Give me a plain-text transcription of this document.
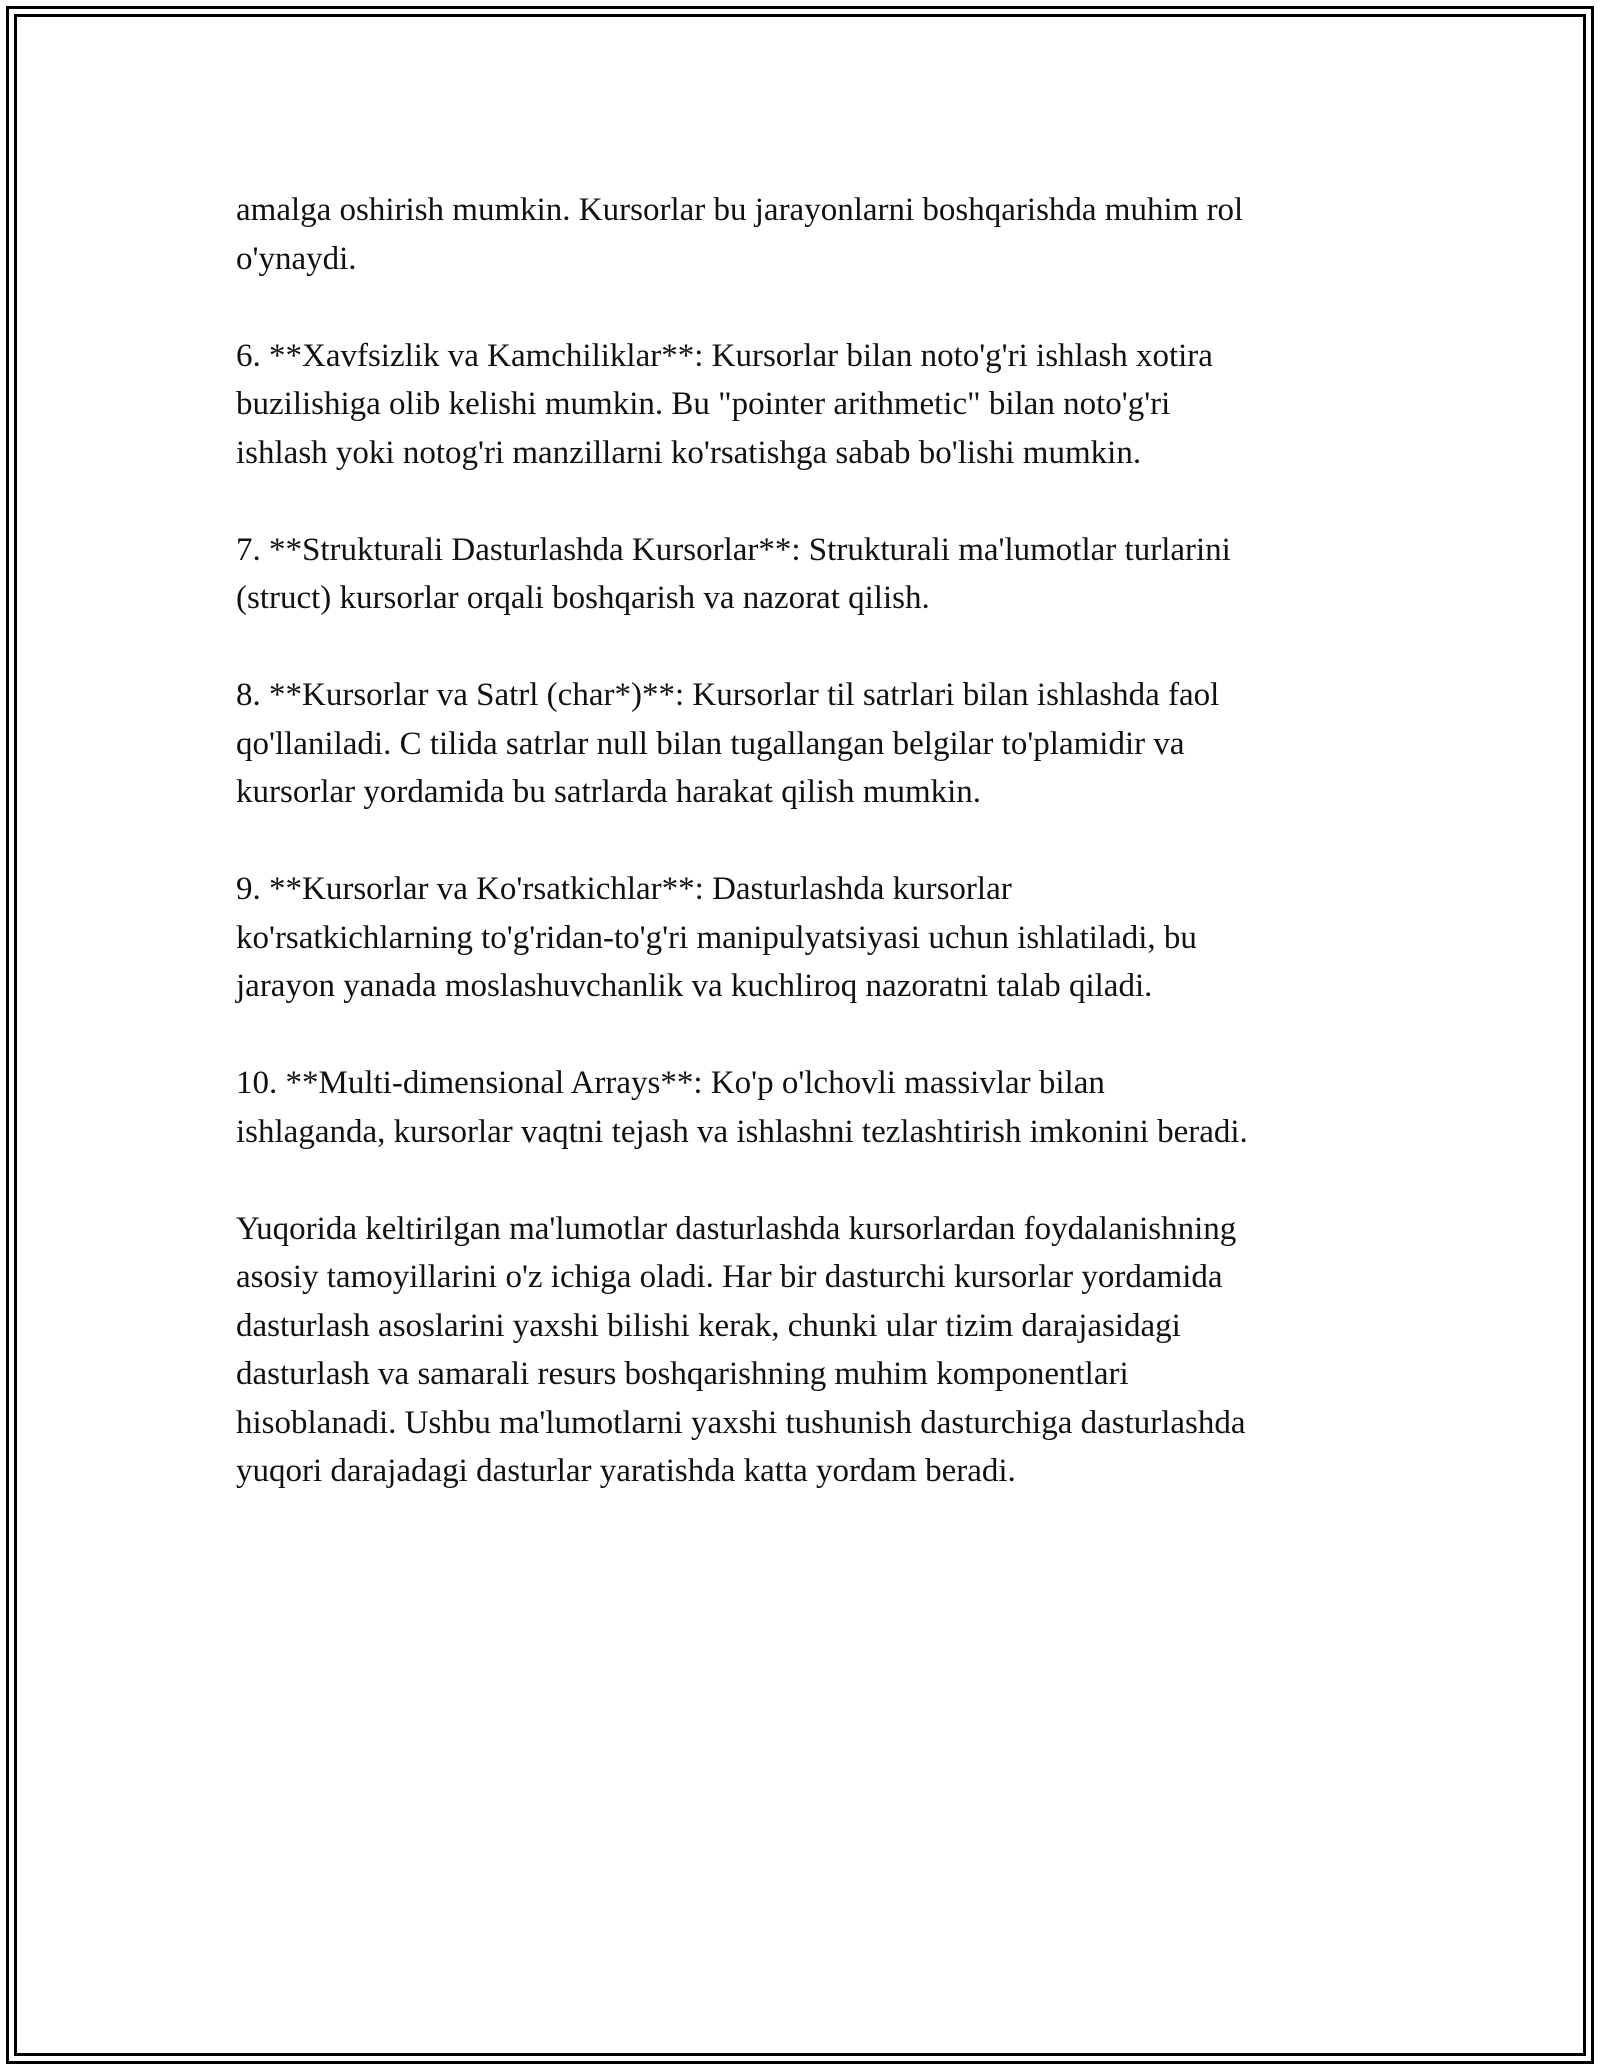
amalga oshirish mumkin. Kursorlar bu jarayonlarni boshqarishda muhim rol
o'ynaydi.

6. **Xavfsizlik va Kamchiliklar**: Kursorlar bilan noto'g'ri ishlash xotira
buzilishiga olib kelishi mumkin. Bu "pointer arithmetic" bilan noto'g'ri
ishlash yoki notog'ri manzillarni ko'rsatishga sabab bo'lishi mumkin.

7. **Strukturali Dasturlashda Kursorlar**: Strukturali ma'lumotlar turlarini
(struct) kursorlar orqali boshqarish va nazorat qilish.

8. **Kursorlar va Satrl (char*)**: Kursorlar til satrlari bilan ishlashda faol
qo'llaniladi. C tilida satrlar null bilan tugallangan belgilar to'plamidir va
kursorlar yordamida bu satrlarda harakat qilish mumkin.

9. **Kursorlar va Ko'rsatkichlar**: Dasturlashda kursorlar
ko'rsatkichlarning to'g'ridan-to'g'ri manipulyatsiyasi uchun ishlatiladi, bu
jarayon yanada moslashuvchanlik va kuchliroq nazoratni talab qiladi.

10. **Multi-dimensional Arrays**: Ko'p o'lchovli massivlar bilan
ishlaganda, kursorlar vaqtni tejash va ishlashni tezlashtirish imkonini beradi.

Yuqorida keltirilgan ma'lumotlar dasturlashda kursorlardan foydalanishning
asosiy tamoyillarini o'z ichiga oladi. Har bir dasturchi kursorlar yordamida
dasturlash asoslarini yaxshi bilishi kerak, chunki ular tizim darajasidagi
dasturlash va samarali resurs boshqarishning muhim komponentlari
hisoblanadi. Ushbu ma'lumotlarni yaxshi tushunish dasturchiga dasturlashda
yuqori darajadagi dasturlar yaratishda katta yordam beradi.
